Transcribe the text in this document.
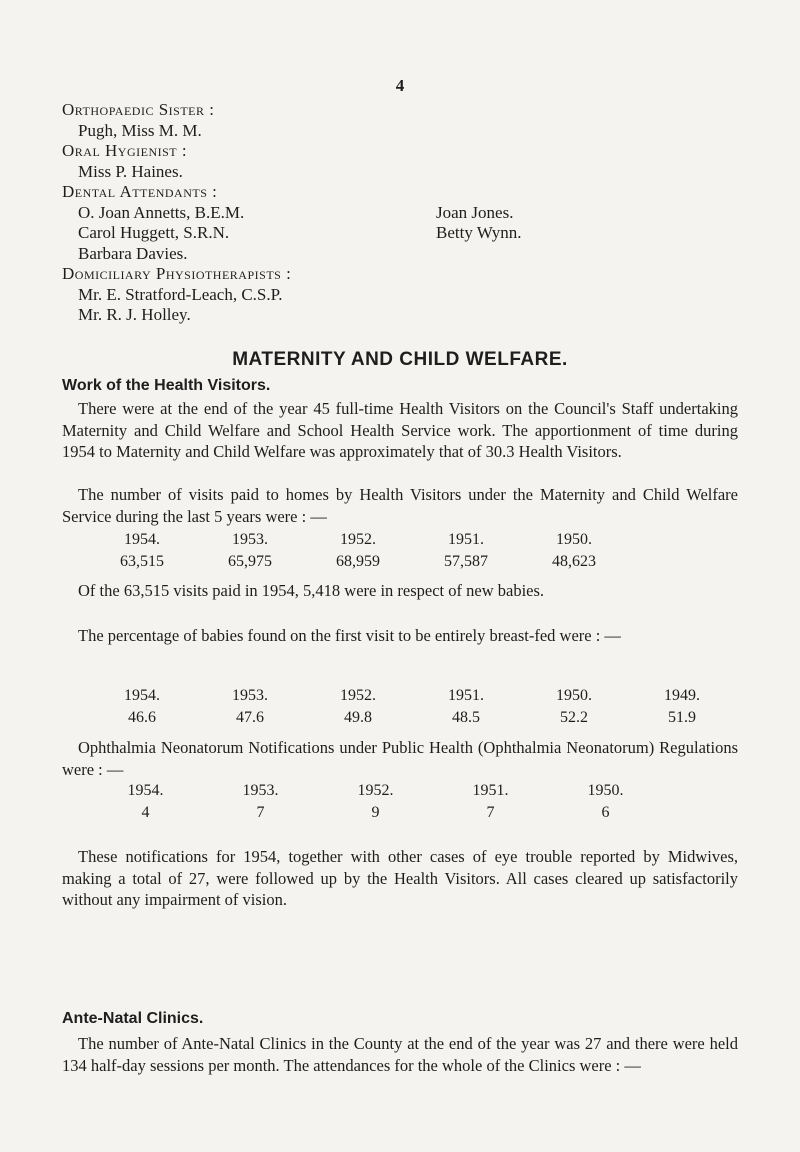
4
Orthopaedic Sister :
Pugh, Miss M. M.
Oral Hygienist :
Miss P. Haines.
Dental Attendants :
O. Joan Annetts, B.E.M.	Joan Jones.
Carol Huggett, S.R.N.	Betty Wynn.
Barbara Davies.
Domiciliary Physiotherapists :
Mr. E. Stratford-Leach, C.S.P.
Mr. R. J. Holley.
MATERNITY AND CHILD WELFARE.
Work of the Health Visitors.
There were at the end of the year 45 full-time Health Visitors on the Council's Staff undertaking Maternity and Child Welfare and School Health Service work. The apportionment of time during 1954 to Maternity and Child Welfare was approximately that of 30.3 Health Visitors.
The number of visits paid to homes by Health Visitors under the Maternity and Child Welfare Service during the last 5 years were : —
1954.	1953.	1952.	1951.	1950.
63,515	65,975	68,959	57,587	48,623
Of the 63,515 visits paid in 1954, 5,418 were in respect of new babies.
The percentage of babies found on the first visit to be entirely breast-fed were : —
1954.	1953.	1952.	1951.	1950.	1949.
46.6	47.6	49.8	48.5	52.2	51.9
Ophthalmia Neonatorum Notifications under Public Health (Ophthalmia Neonatorum) Regulations were : —
1954.	1953.	1952.	1951.	1950.
4	7	9	7	6
These notifications for 1954, together with other cases of eye trouble reported by Midwives, making a total of 27, were followed up by the Health Visitors. All cases cleared up satisfactorily without any impairment of vision.
Ante-Natal Clinics.
The number of Ante-Natal Clinics in the County at the end of the year was 27 and there were held 134 half-day sessions per month. The attendances for the whole of the Clinics were : —
